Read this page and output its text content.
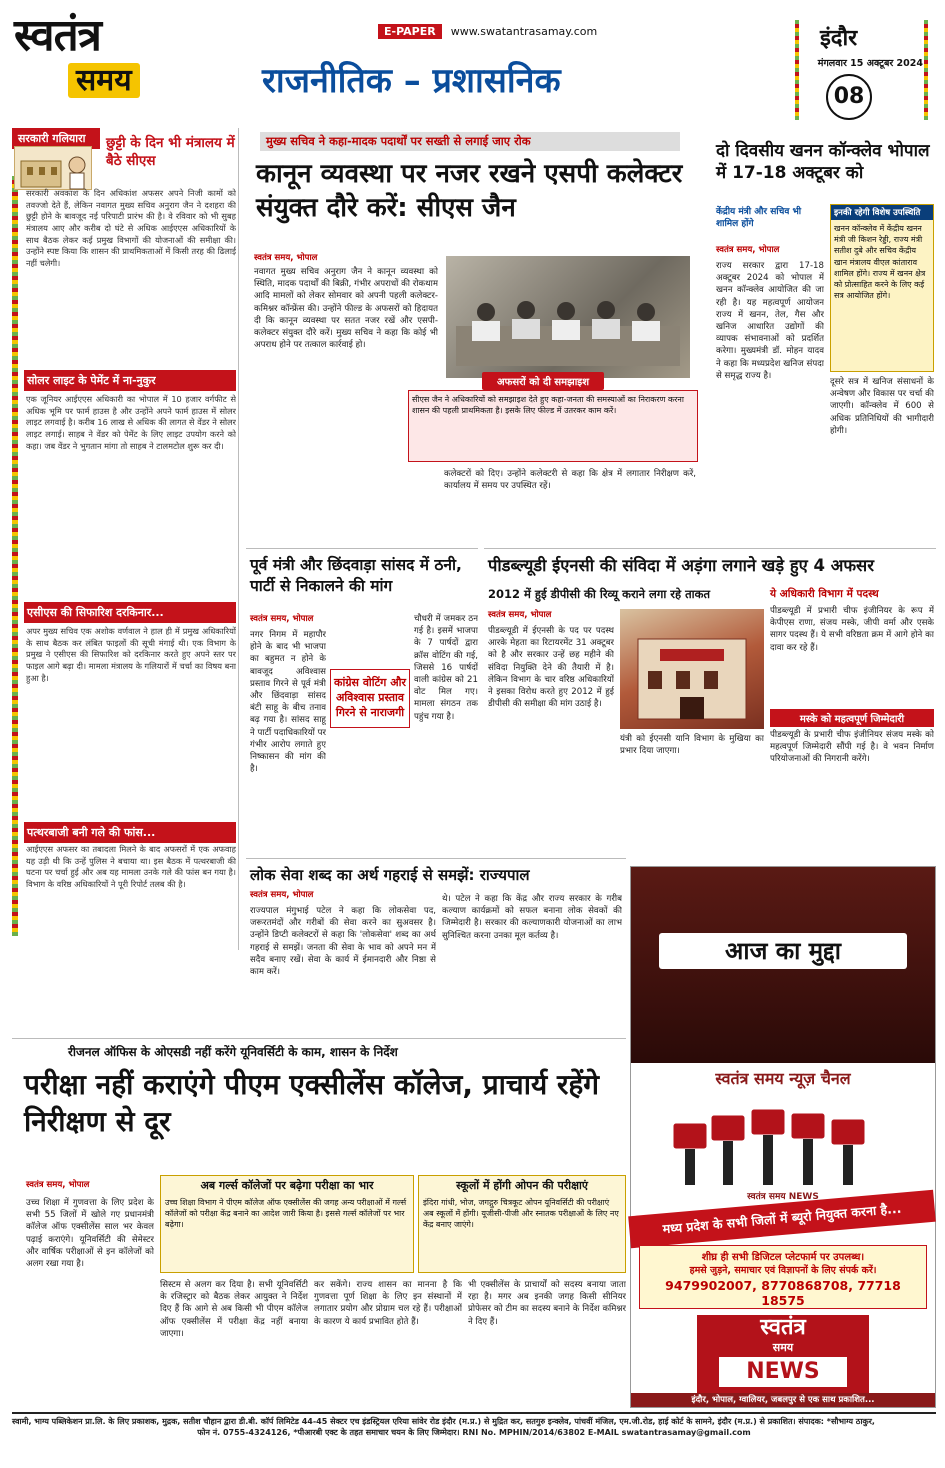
स्वतंत्र
समय
E-PAPER www.swatantrasamay.com
राजनीतिक – प्रशासनिक
इंदौर
मंगलवार 15 अक्टूबर 2024
08
सरकारी गलियारा	छुट्टी के दिन भी मंत्रालय में बैठे सीएस
सरकारी अवकाश के दिन अधिकांश अफसर अपने निजी कामों को तवज्जो देते हैं, लेकिन नवागत मुख्य सचिव अनुराग जैन ने दशहरा की छुट्टी होने के बावजूद नई परिपाटी प्रारंभ की है। वे रविवार को भी सुबह मंत्रालय आए और करीब दो घंटे से अधिक आईएएस अधिकारियों के साथ बैठक लेकर कई प्रमुख विभागों की योजनाओं की समीक्षा की। उन्होंने स्पष्ट किया कि शासन की प्राथमिकताओं में किसी तरह की ढिलाई नहीं चलेगी।
सोलर लाइट के पेमेंट में ना-नुकुर
एक जूनियर आईएएस अधिकारी का भोपाल में 10 हजार वर्गफीट से अधिक भूमि पर फार्म हाउस है और उन्होंने अपने फार्म हाउस में सोलर लाइट लगवाई है। करीब 16 लाख से अधिक की लागत से वेंडर ने सोलर लाइट लगाई। साहब ने वेंडर को पेमेंट के लिए लाइट उपयोग करने को कहा। जब वेंडर ने भुगतान मांगा तो साहब ने टालमटोल शुरू कर दी।
एसीएस की सिफारिश दरकिनार...
अपर मुख्य सचिव एक अशोक वर्णवाल ने हाल ही में प्रमुख अधिकारियों के साथ बैठक कर लंबित फाइलों की सूची मंगाई थी। एक विभाग के प्रमुख ने एसीएस की सिफारिश को दरकिनार करते हुए अपने स्तर पर फाइल आगे बढ़ा दी। मामला मंत्रालय के गलियारों में चर्चा का विषय बना हुआ है।
पत्थरबाजी बनी गले की फांस...
आईएएस अफसर का तबादला मिलने के बाद अफसरों में एक अफवाह यह उड़ी थी कि उन्हें पुलिस ने बचाया था। इस बैठक में पत्थरबाजी की घटना पर चर्चा हुई और अब यह मामला उनके गले की फांस बन गया है। विभाग के वरिष्ठ अधिकारियों ने पूरी रिपोर्ट तलब की है।
मुख्य सचिव ने कहा-मादक पदार्थों पर सख्ती से लगाई जाए रोक
कानून व्यवस्था पर नजर रखने एसपी कलेक्टर संयुक्त दौरे करें: सीएस जैन
स्वतंत्र समय, भोपाल
नवागत मुख्य सचिव अनुराग जैन ने कानून व्यवस्था को स्थिति, मादक पदार्थों की बिक्री, गंभीर अपराधों की रोकथाम आदि मामलों को लेकर सोमवार को अपनी पहली कलेक्टर-कमिश्नर कॉन्फ्रेंस की। उन्होंने फील्ड के अफसरों को हिदायत दी कि कानून व्यवस्था पर सतत नजर रखें और एसपी-कलेक्टर संयुक्त दौरे करें। मुख्य सचिव ने कहा कि कोई भी अपराध होने पर तत्काल कार्रवाई हो।
अफसरों को दी समझाइश
सीएस जैन ने अधिकारियों को समझाइश देते हुए कहा-जनता की समस्याओं का निराकरण करना शासन की पहली प्राथमिकता है। इसके लिए फील्ड में उतरकर काम करें।
कलेक्टरों को दिए। उन्होंने कलेक्टरी से कहा कि क्षेत्र में लगातार निरीक्षण करें, कार्यालय में समय पर उपस्थित रहें।
दो दिवसीय खनन कॉन्क्लेव भोपाल में 17-18 अक्टूबर को
केंद्रीय मंत्री और सचिव भी शामिल होंगे
स्वतंत्र समय, भोपाल
राज्य सरकार द्वारा 17-18 अक्टूबर 2024 को भोपाल में खनन कॉन्क्लेव आयोजित की जा रही है। यह महत्वपूर्ण आयोजन राज्य में खनन, तेल, गैस और खनिज आधारित उद्योगों की व्यापक संभावनाओं को प्रदर्शित करेगा। मुख्यमंत्री डॉ. मोहन यादव ने कहा कि मध्यप्रदेश खनिज संपदा से समृद्ध राज्य है।
इनकी रहेगी विशेष उपस्थिति
खनन कॉन्क्लेव में केंद्रीय खनन मंत्री जी किशन रेड्डी, राज्य मंत्री सतीश दुबे और सचिव केंद्रीय खान मंत्रालय वीएल कांताराव शामिल होंगे। राज्य में खनन क्षेत्र को प्रोत्साहित करने के लिए कई सत्र आयोजित होंगे।
दूसरे सत्र में खनिज संसाधनों के अन्वेषण और विकास पर चर्चा की जाएगी। कॉन्क्लेव में 600 से अधिक प्रतिनिधियों की भागीदारी होगी।
पूर्व मंत्री और छिंदवाड़ा सांसद में ठनी, पार्टी से निकालने की मांग
स्वतंत्र समय, भोपाल
नगर निगम में महापौर होने के बाद भी भाजपा का बहुमत न होने के बावजूद अविश्वास प्रस्ताव गिरने से पूर्व मंत्री और छिंदवाड़ा सांसद बंटी साहू के बीच तनाव बढ़ गया है। सांसद साहू ने पार्टी पदाधिकारियों पर गंभीर आरोप लगाते हुए निष्कासन की मांग की है।
कांग्रेस वोटिंग और अविश्वास प्रस्ताव गिरने से नाराजगी
चौधरी में जमकर ठन गई है। इसमें भाजपा के 7 पार्षदों द्वारा क्रॉस वोटिंग की गई, जिससे 16 पार्षदों वाली कांग्रेस को 21 वोट मिल गए। मामला संगठन तक पहुंच गया है।
पीडब्ल्यूडी ईएनसी की संविदा में अड़ंगा लगाने खड़े हुए 4 अफसर
2012 में हुई डीपीसी की रिव्यू कराने लगा रहे ताकत	ये अधिकारी विभाग में पदस्थ
स्वतंत्र समय, भोपाल
पीडब्ल्यूडी में ईएनसी के पद पर पदस्थ आरके मेहता का रिटायरमेंट 31 अक्टूबर को है और सरकार उन्हें छह महीने की संविदा नियुक्ति देने की तैयारी में है। लेकिन विभाग के चार वरिष्ठ अधिकारियों ने इसका विरोध करते हुए 2012 में हुई डीपीसी की समीक्षा की मांग उठाई है।
यंत्री को ईएनसी यानि विभाग के मुखिया का प्रभार दिया जाएगा।
पीडब्ल्यूडी में प्रभारी चीफ इंजीनियर के रूप में केपीएस राणा, संजय मस्के, जीपी वर्मा और एसके सागर पदस्थ हैं। ये सभी वरिष्ठता क्रम में आगे होने का दावा कर रहे हैं।
मस्के को महत्वपूर्ण जिम्मेदारी
पीडब्ल्यूडी के प्रभारी चीफ इंजीनियर संजय मस्के को महत्वपूर्ण जिम्मेदारी सौंपी गई है। वे भवन निर्माण परियोजनाओं की निगरानी करेंगे।
लोक सेवा शब्द का अर्थ गहराई से समझें: राज्यपाल
स्वतंत्र समय, भोपाल
राज्यपाल मंगुभाई पटेल ने कहा कि लोकसेवा पद, जरूरतमंदों और गरीबों की सेवा करने का सुअवसर है। उन्होंने डिप्टी कलेक्टरों से कहा कि 'लोकसेवा' शब्द का अर्थ गहराई से समझें। जनता की सेवा के भाव को अपने मन में सदैव बनाए रखें। सेवा के कार्य में ईमानदारी और निष्ठा से काम करें।
थे। पटेल ने कहा कि केंद्र और राज्य सरकार के गरीब कल्याण कार्यक्रमों को सफल बनाना लोक सेवकों की जिम्मेदारी है। सरकार की कल्याणकारी योजनाओं का लाभ सुनिश्चित करना उनका मूल कर्तव्य है।
आज का मुद्दा
स्वतंत्र समय न्यूज़ चैनल
स्वतंत्र समय NEWS
मध्य प्रदेश के सभी जिलों में ब्यूरो नियुक्त करना है...
शीघ्र ही सभी डिजिटल प्लेटफार्म पर उपलब्ध।
हमसे जुड़ने, समाचार एवं विज्ञापनों के लिए संपर्क करें।
9479902007, 8770868708, 77718 18575
स्वतंत्र
समय
NEWS
इंदौर, भोपाल, ग्वालियर, जबलपुर से एक साथ प्रकाशित...
रीजनल ऑफिस के ओएसडी नहीं करेंगे यूनिवर्सिटी के काम, शासन के निर्देश
परीक्षा नहीं कराएंगे पीएम एक्सीलेंस कॉलेज, प्राचार्य रहेंगे निरीक्षण से दूर
स्वतंत्र समय, भोपाल
उच्च शिक्षा में गुणवत्ता के लिए प्रदेश के सभी 55 जिलों में खोले गए प्रधानमंत्री कॉलेज ऑफ एक्सीलेंस साल भर केवल पढ़ाई कराएंगे। यूनिवर्सिटी की सेमेस्टर और वार्षिक परीक्षाओं से इन कॉलेजों को अलग रखा गया है।
अब गर्ल्स कॉलेजों पर बढ़ेगा परीक्षा का भार
उच्च शिक्षा विभाग ने पीएम कॉलेज ऑफ एक्सीलेंस की जगह अन्य परीक्षाओं में गर्ल्स कॉलेजों को परीक्षा केंद्र बनाने का आदेश जारी किया है। इससे गर्ल्स कॉलेजों पर भार बढ़ेगा।
स्कूलों में होंगी ओपन की परीक्षाएं
इंदिरा गांधी, भोज, जगद्गुरु चित्रकूट ओपन यूनिवर्सिटी की परीक्षाएं अब स्कूलों में होंगी। यूजीसी-पीजी और स्नातक परीक्षाओं के लिए नए केंद्र बनाए जाएंगे।
सिस्टम से अलग कर दिया है। सभी यूनिवर्सिटी के रजिस्ट्रार को बैठक लेकर आयुक्त ने निर्देश दिए हैं कि आगे से अब किसी भी पीएम कॉलेज ऑफ एक्सीलेंस में परीक्षा केंद्र नहीं बनाया जाएगा।
कर सकेंगे। राज्य शासन का मानना है कि गुणवत्ता पूर्ण शिक्षा के लिए इन संस्थानों में लगातार प्रयोग और प्रोग्राम चल रहे हैं। परीक्षाओं के कारण ये कार्य प्रभावित होते हैं।
भी एक्सीलेंस के प्राचार्यों को सदस्य बनाया जाता रहा है। मगर अब इनकी जगह किसी सीनियर प्रोफेसर को टीम का सदस्य बनाने के निर्देश कमिश्नर ने दिए हैं।
स्वामी, भाग्य पब्लिकेशन प्रा.लि. के लिए प्रकाशक, मुद्रक, सतीश चौहान द्वारा डी.बी. कॉर्प लिमिटेड 44-45 सेक्टर एच इंडस्ट्रियल एरिया सांवेर रोड इंदौर (म.प्र.) से मुद्रित कर, सतगुरु इन्क्लेव, पांचवीं मंजिल, एम.जी.रोड, हाई कोर्ट के सामने, इंदौर (म.प्र.) से प्रकाशित। संपादक: *सौभाग्य ठाकुर,
फोन नं. 0755-4324126, *पीआरबी एक्ट के तहत समाचार चयन के लिए जिम्मेदार। RNI No. MPHIN/2014/63802 E-MAIL swatantrasamay@gmail.com
